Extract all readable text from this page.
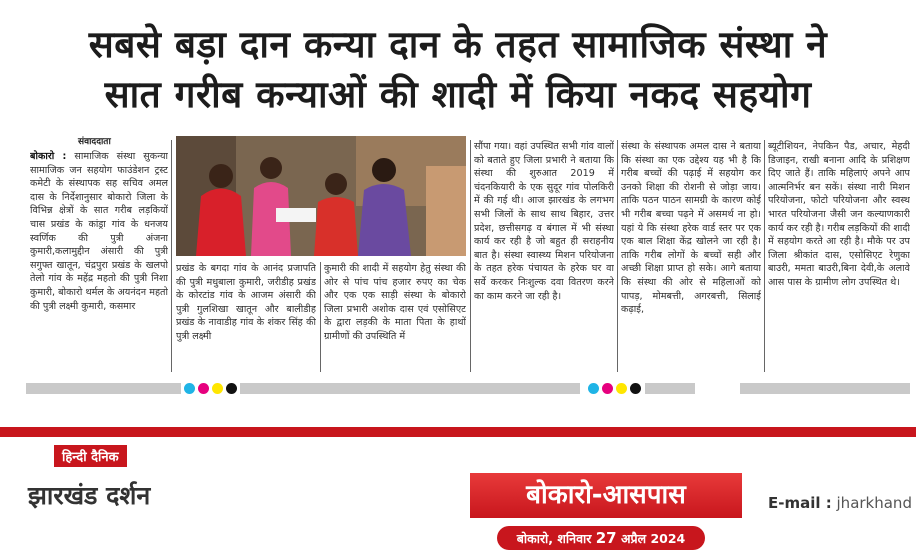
सबसे बड़ा दान कन्या दान के तहत सामाजिक संस्था ने
सात गरीब कन्याओं की शादी में किया नकद सहयोग
संवाददाता
बोकारो : सामाजिक संस्था सुकन्या सामाजिक जन सहयोग फाउंडेशन ट्रस्ट कमेटी के संस्थापक सह सचिव अमल दास के निर्देशानुसार बोकारो जिला के विभिन्न क्षेत्रों के सात गरीब लड़कियों चास प्रखंड के कांड्रा गांव के धनजय स्वर्णिक की पुत्री अंजना कुमारी,कलामुद्दीन अंसारी की पुत्री सगुफ्त खातून, चंद्रपुरा प्रखंड के खलपो तेलो गांव के महेंद्र महतो की पुत्री निशा कुमारी, बोकारो थर्मल के अयनंदन महतो की पुत्री लक्ष्मी कुमारी, कसमार
प्रखंड के बगदा गांव के आनंद प्रजापति की पुत्री मधुबाला कुमारी, जरीडीह प्रखंड के कोरटांड गांव के आजम अंसारी की पुत्री गुलशिखा खातून और बालीडीह प्रखंड के नावाडीह गांव के शंकर सिंह की पुत्री लक्ष्मी
कुमारी की शादी में सहयोग हेतु संस्था की ओर से पांच पांच हजार रुपए का चेक और एक एक साड़ी संस्था के बोकारो जिला प्रभारी अशोक दास एवं एसोसिएट के द्वारा लड़की के माता पिता के हाथों ग्रामीणों की उपस्थिति में
सौंपा गया। वहां उपस्थित सभी गांव वालों को बताते हुए जिला प्रभारी ने बताया कि संस्था की शुरुआत 2019 में चंदनकियारी के एक सुदूर गांव पोलकिरी में की गई थी। आज झारखंड के लगभग सभी जिलों के साथ साथ बिहार, उत्तर प्रदेश, छत्तीसगढ़ व बंगाल में भी संस्था कार्य कर रही है जो बहुत ही सराहनीय बात है। संस्था स्वास्थ्य मिशन परियोजना के तहत हरेक पंचायत के हरेक घर वा सर्वे करकर निःशुल्क दवा वितरण करने का काम करने जा रही है।
संस्था के संस्थापक अमल दास ने बताया कि संस्था का एक उद्देश्य यह भी है कि गरीब बच्चों की पढ़ाई में सहयोग कर उनको शिक्षा की रोशनी से जोड़ा जाय। ताकि पठन पाठन सामग्री के कारण कोई भी गरीब बच्चा पढ़ने में असमर्थ ना हो। यहां ये कि संस्था हरेक वार्ड स्तर पर एक एक बाल शिक्षा केंद्र खोलने जा रही है। ताकि गरीब लोगों के बच्चों सही और अच्छी शिक्षा प्राप्त हो सके। आगे बताया कि संस्था की ओर से महिलाओं को पापड़, मोमबत्ती, अगरबत्ती, सिलाई कढ़ाई,
ब्यूटीशियन, नेपकिन पैड, अचार, मेहदी डिजाइन, राखी बनाना आदि के प्रशिक्षण दिए जाते हैं। ताकि महिलाएं अपने आप आत्मनिर्भर बन सकें। संस्था नारी मिशन परियोजना, फोटो परियोजना और स्वस्थ भारत परियोजना जैसी जन कल्याणकारी कार्य कर रही है। गरीब लड़कियों की शादी में सहयोग करते आ रही है। मौके पर उप जिला श्रीकांत दास, एसोसिएट रेणुका बाउरी, ममता बाउरी,बिना देवी,के अलावे आस पास के ग्रामीण लोग उपस्थित थे।
हिन्दी दैनिक
झारखंड दर्शन	बोकारो-आसपास	E-mail : jharkhand
बोकारो, शनिवार 27 अप्रैल 2024
